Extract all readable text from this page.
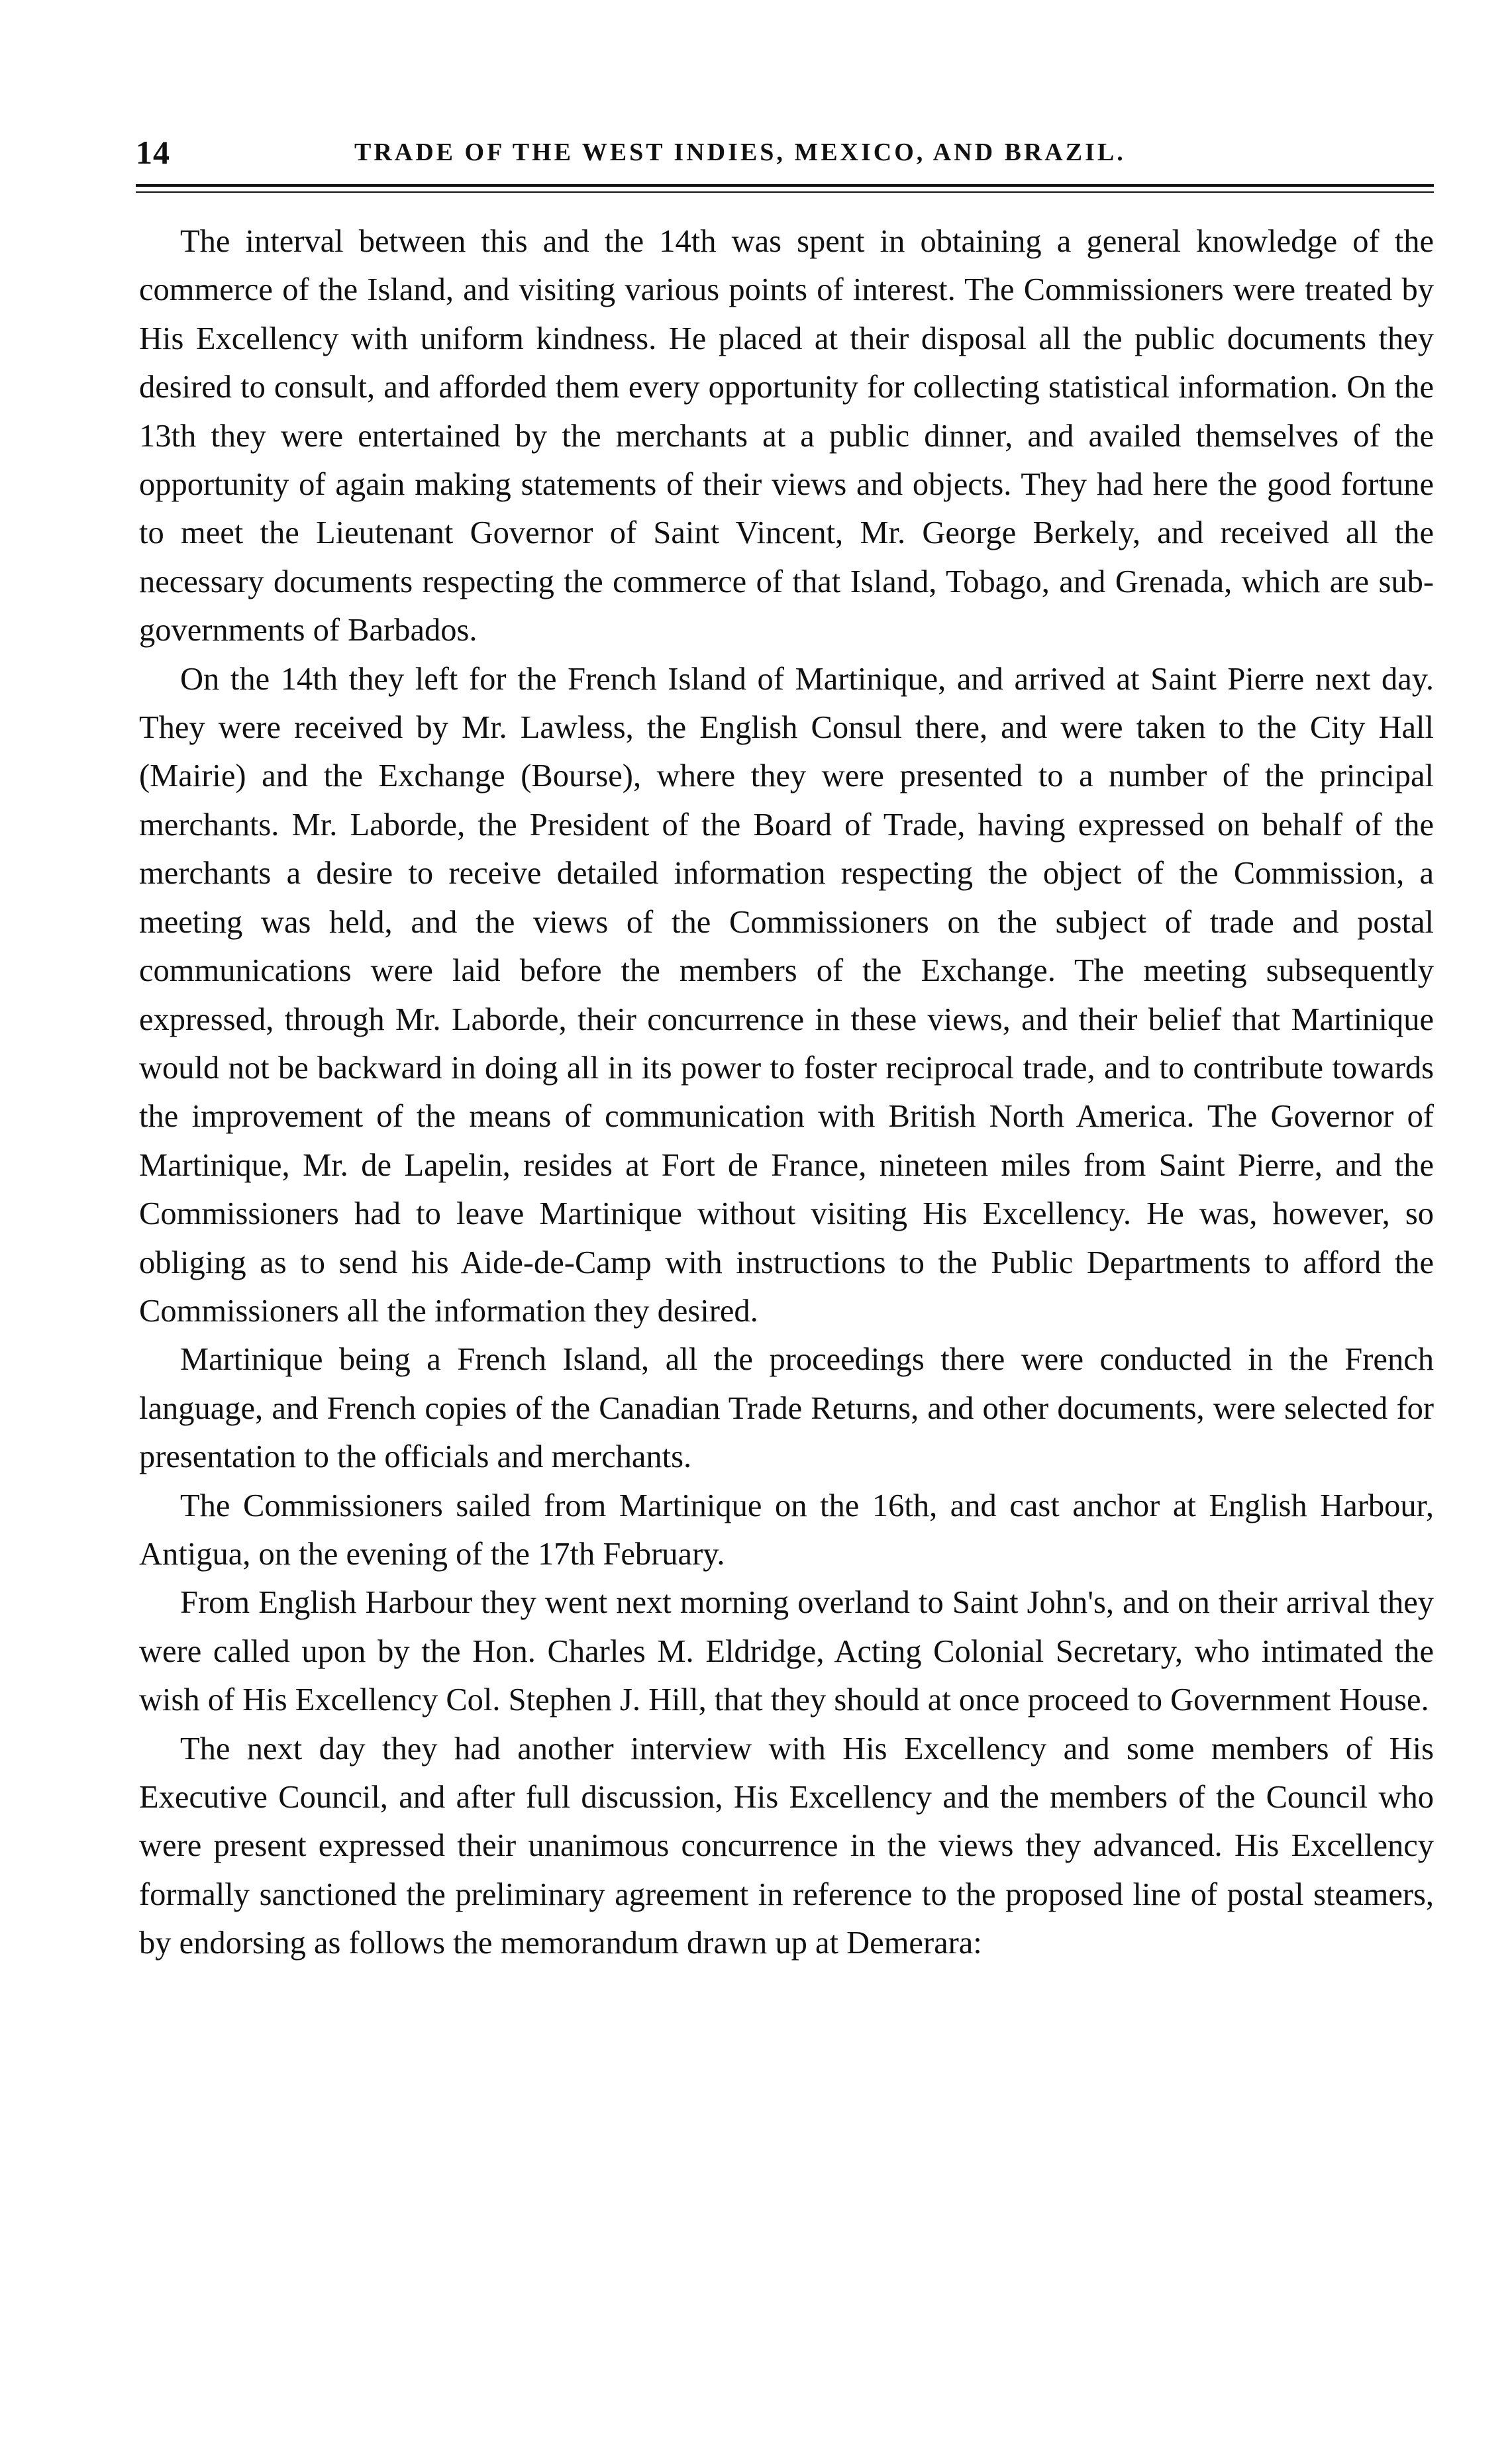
14	TRADE OF THE WEST INDIES, MEXICO, AND BRAZIL.

The interval between this and the 14th was spent in obtaining a general knowledge of the commerce of the Island, and visiting various points of interest. The Commissioners were treated by His Excellency with uniform kindness. He placed at their disposal all the public documents they desired to consult, and afforded them every opportunity for collecting statistical information. On the 13th they were entertained by the merchants at a public dinner, and availed themselves of the opportunity of again making statements of their views and objects. They had here the good fortune to meet the Lieutenant Governor of Saint Vincent, Mr. George Berkely, and received all the necessary documents respecting the commerce of that Island, Tobago, and Grenada, which are sub-governments of Barbados.

On the 14th they left for the French Island of Martinique, and arrived at Saint Pierre next day. They were received by Mr. Lawless, the English Consul there, and were taken to the City Hall (Mairie) and the Exchange (Bourse), where they were presented to a number of the principal merchants. Mr. Laborde, the President of the Board of Trade, having expressed on behalf of the merchants a desire to receive detailed information respecting the object of the Commission, a meeting was held, and the views of the Commissioners on the subject of trade and postal communications were laid before the members of the Exchange. The meeting subsequently expressed, through Mr. Laborde, their concurrence in these views, and their belief that Martinique would not be backward in doing all in its power to foster reciprocal trade, and to contribute towards the improvement of the means of communication with British North America. The Governor of Martinique, Mr. de Lapelin, resides at Fort de France, nineteen miles from Saint Pierre, and the Commissioners had to leave Martinique without visiting His Excellency. He was, however, so obliging as to send his Aide-de-Camp with instructions to the Public Departments to afford the Commissioners all the information they desired.

Martinique being a French Island, all the proceedings there were conducted in the French language, and French copies of the Canadian Trade Returns, and other documents, were selected for presentation to the officials and merchants.

The Commissioners sailed from Martinique on the 16th, and cast anchor at English Harbour, Antigua, on the evening of the 17th February.

From English Harbour they went next morning overland to Saint John's, and on their arrival they were called upon by the Hon. Charles M. Eldridge, Acting Colonial Secretary, who intimated the wish of His Excellency Col. Stephen J. Hill, that they should at once proceed to Government House.

The next day they had another interview with His Excellency and some members of His Executive Council, and after full discussion, His Excellency and the members of the Council who were present expressed their unanimous concurrence in the views they advanced. His Excellency formally sanctioned the preliminary agreement in reference to the proposed line of postal steamers, by endorsing as follows the memorandum drawn up at Demerara:
